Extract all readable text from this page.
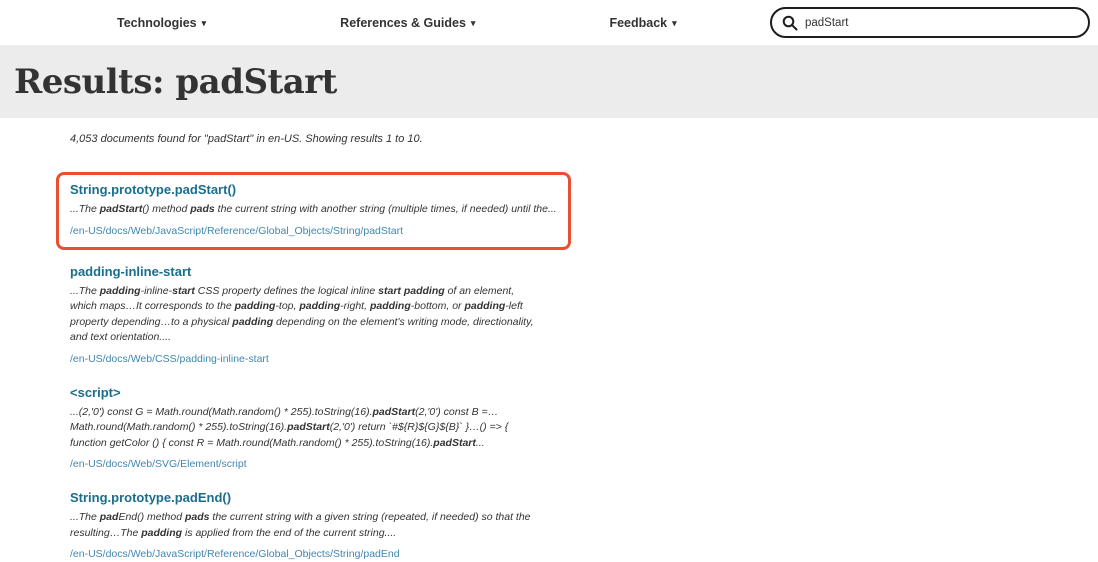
Technologies ▾	References & Guides ▾	Feedback ▾
padStart
Results: padStart

4,053 documents found for "padStart" in en-US. Showing results 1 to 10.

String.prototype.padStart()

...The padStart() method pads the current string with another string (multiple times, if needed) until the...

/en-US/docs/Web/JavaScript/Reference/Global_Objects/String/padStart
padding-inline-start

...The padding-inline-start CSS property defines the logical inline start padding of an element, which maps…It corresponds to the padding-top, padding-right, padding-bottom, or padding-left property depending…to a physical padding depending on the element's writing mode, directionality, and text orientation....

/en-US/docs/Web/CSS/padding-inline-start
<script>

...(2,'0') const G = Math.round(Math.random() * 255).toString(16).padStart(2,'0') const B =… Math.round(Math.random() * 255).toString(16).padStart(2,'0') return `#${R}${G}${B}` }…() => { function getColor () { const R = Math.round(Math.random() * 255).toString(16).padStart...

/en-US/docs/Web/SVG/Element/script
String.prototype.padEnd()

...The padEnd() method pads the current string with a given string (repeated, if needed) so that the resulting…The padding is applied from the end of the current string....

/en-US/docs/Web/JavaScript/Reference/Global_Objects/String/padEnd
